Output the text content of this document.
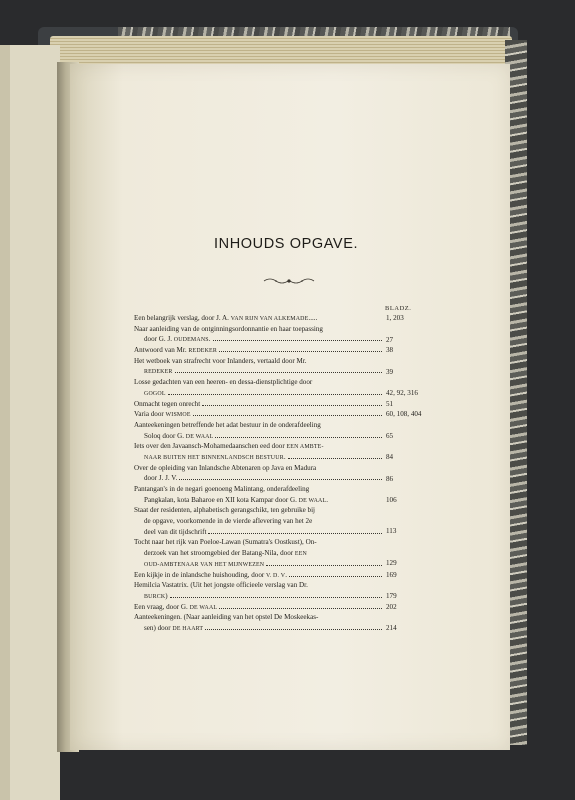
INHOUDS OPGAVE.
BLADZ.
Een belangrijk verslag, door J. A. VAN RIJN VAN ALKEMADE.....	1, 203
Naar aanleiding van de ontginningsordonnantie en haar toepassing
door G. J. OUDEMANS.	27
Antwoord van Mr. REDEKER	38
Het wetboek van strafrecht voor Inlanders, vertaald door Mr.
REDEKER	39
Losse gedachten van een heeren- en dessa-dienstplichtige door
GOGOL	42, 92, 316
Onmacht tegen onrecht	51
Varia door WISMOE	60, 108, 404
Aanteekeningen betreffende het adat bestuur in de onderafdeeling
Soloq door G. DE WAAL	65
Iets over den Javaansch-Mohamedaanschen eed door EEN AMBTE-
NAAR BUITEN HET BINNENLANDSCH BESTUUR.	84
Over de opleiding van Inlandsche Abtenaren op Java en Madura
door J. J. V.	86
Pantangan's in de negari goenoeng Malintang, onderafdeeling
Pangkalan, kota Baharoe en XII kota Kampar door G. DE WAAL.	106
Staat der residenten, alphabetisch gerangschikt, ten gebruike bij
de opgave, voorkomende in de vierde aflevering van het 2e
deel van dit tijdschrift	113
Tocht naar het rijk van Poeloe-Lawan (Sumatra's Oostkust), On-
derzoek van het stroomgebied der Batang-Nila, door EEN
OUD-AMBTENAAR VAN HET MIJNWEZEN	129
Een kijkje in de inlandsche huishouding, door V. D. V.	169
Hemilcia Vastatrix. (Uit het jongste officieele verslag van Dr.
BURCK)	179
Een vraag, door G. DE WAAL	202
Aanteekeningen. (Naar aanleiding van het opstel De Moskeekas-
sen) door DE HAART	214
